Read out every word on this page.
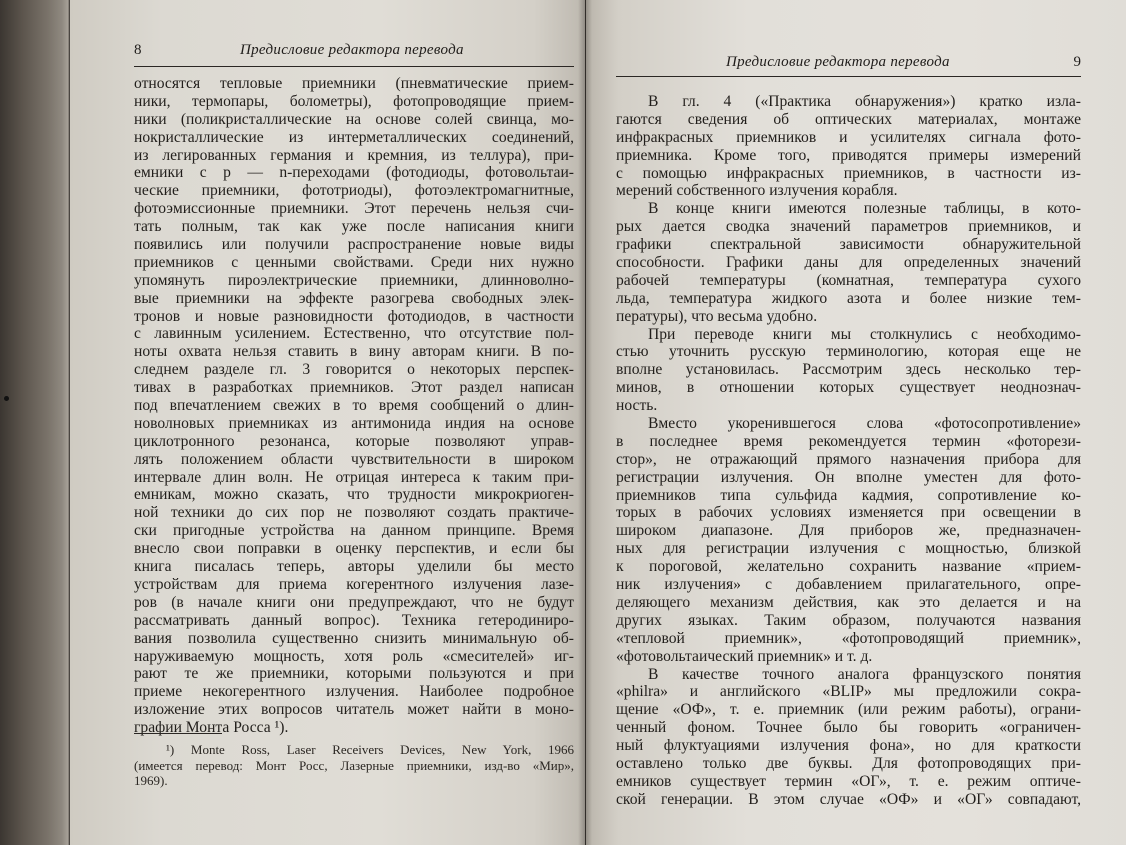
8	Предисловие редактора перевода
относятся тепловые приемники (пневматические прием-
ники, термопары, болометры), фотопроводящие прием-
ники (поликристаллические на основе солей свинца, мо-
нокристаллические из интерметаллических соединений,
из легированных германия и кремния, из теллура), при-
емники с p — n-переходами (фотодиоды, фотовольтаи-
ческие приемники, фототриоды), фотоэлектромагнитные,
фотоэмиссионные приемники. Этот перечень нельзя счи-
тать полным, так как уже после написания книги
появились или получили распространение новые виды
приемников с ценными свойствами. Среди них нужно
упомянуть пироэлектрические приемники, длинноволно-
вые приемники на эффекте разогрева свободных элек-
тронов и новые разновидности фотодиодов, в частности
с лавинным усилением. Естественно, что отсутствие пол-
ноты охвата нельзя ставить в вину авторам книги. В по-
следнем разделе гл. 3 говорится о некоторых перспек-
тивах в разработках приемников. Этот раздел написан
под впечатлением свежих в то время сообщений о длин-
новолновых приемниках из антимонида индия на основе
циклотронного резонанса, которые позволяют управ-
лять положением области чувствительности в широком
интервале длин волн. Не отрицая интереса к таким при-
емникам, можно сказать, что трудности микрокриоген-
ной техники до сих пор не позволяют создать практиче-
ски пригодные устройства на данном принципе. Время
внесло свои поправки в оценку перспектив, и если бы
книга писалась теперь, авторы уделили бы место
устройствам для приема когерентного излучения лазе-
ров (в начале книги они предупреждают, что не будут
рассматривать данный вопрос). Техника гетеродиниро-
вания позволила существенно снизить минимальную об-
наруживаемую мощность, хотя роль «смесителей» иг-
рают те же приемники, которыми пользуются и при
приеме некогерентного излучения. Наиболее подробное
изложение этих вопросов читатель может найти в моно-
графии Монта Росса ¹).
¹) Monte Ross, Laser Receivers Devices, New York, 1966
(имеется перевод: Монт Росс, Лазерные приемники, изд-во «Мир»,
1969).
Предисловие редактора перевода	9
В гл. 4 («Практика обнаружения») кратко изла-
гаются сведения об оптических материалах, монтаже
инфракрасных приемников и усилителях сигнала фото-
приемника. Кроме того, приводятся примеры измерений
с помощью инфракрасных приемников, в частности из-
мерений собственного излучения корабля.
В конце книги имеются полезные таблицы, в кото-
рых дается сводка значений параметров приемников, и
графики спектральной зависимости обнаружительной
способности. Графики даны для определенных значений
рабочей температуры (комнатная, температура сухого
льда, температура жидкого азота и более низкие тем-
пературы), что весьма удобно.
При переводе книги мы столкнулись с необходимо-
стью уточнить русскую терминологию, которая еще не
вполне установилась. Рассмотрим здесь несколько тер-
минов, в отношении которых существует неоднознач-
ность.
Вместо укоренившегося слова «фотосопротивление»
в последнее время рекомендуется термин «фоторези-
стор», не отражающий прямого назначения прибора для
регистрации излучения. Он вполне уместен для фото-
приемников типа сульфида кадмия, сопротивление ко-
торых в рабочих условиях изменяется при освещении в
широком диапазоне. Для приборов же, предназначен-
ных для регистрации излучения с мощностью, близкой
к пороговой, желательно сохранить название «прием-
ник излучения» с добавлением прилагательного, опре-
деляющего механизм действия, как это делается и на
других языках. Таким образом, получаются названия
«тепловой приемник», «фотопроводящий приемник»,
«фотовольтаический приемник» и т. д.
В качестве точного аналога французского понятия
«philra» и английского «BLIP» мы предложили сокра-
щение «ОФ», т. е. приемник (или режим работы), ограни-
ченный фоном. Точнее было бы говорить «ограничен-
ный флуктуациями излучения фона», но для краткости
оставлено только две буквы. Для фотопроводящих при-
емников существует термин «ОГ», т. е. режим оптиче-
ской генерации. В этом случае «ОФ» и «ОГ» совпадают,
